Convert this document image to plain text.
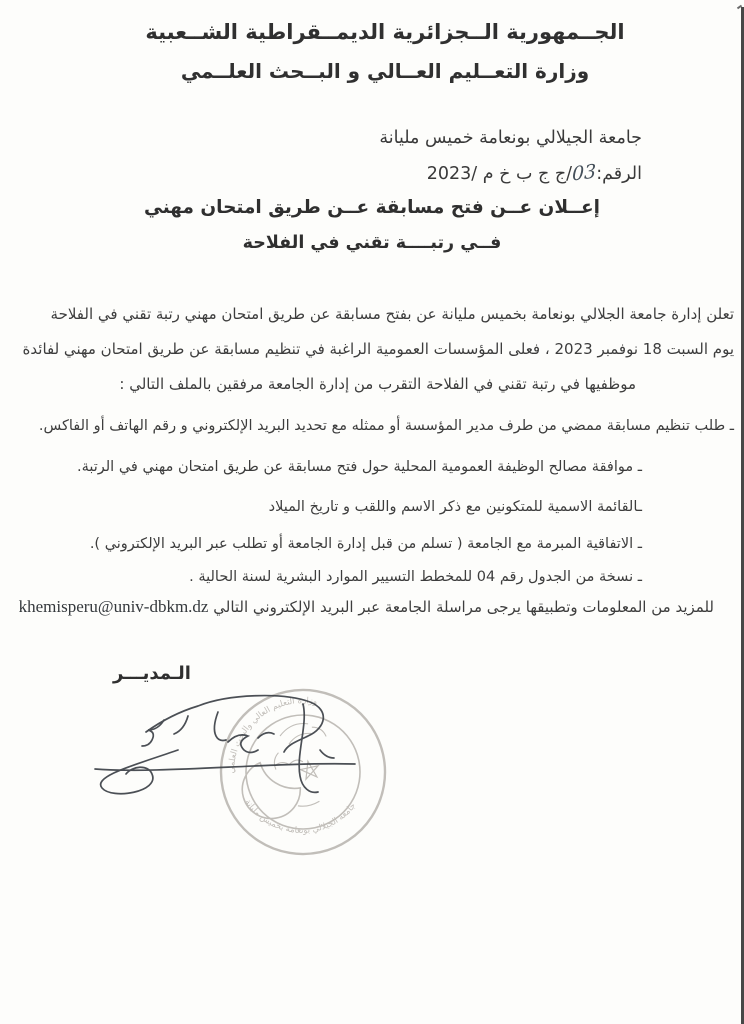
الجــمهورية الــجزائرية الديمــقراطية الشــعبية
وزارة التعــليم العــالي و البــحث العلــمي
جامعة الجيلالي بونعامة خميس مليانة
الرقم:03/ج ج ب خ م /2023
إعــلان عــن فتح مسابقة عــن طريق امتحان مهني
فــي رتبــــة تقني في الفلاحة
تعلن إدارة جامعة الجلالي بونعامة بخميس مليانة عن بفتح مسابقة عن طريق امتحان مهني رتبة تقني في الفلاحة
يوم السبت 18 نوفمبر 2023 ، فعلى المؤسسات العمومية الراغبة في تنظيم مسابقة عن طريق امتحان مهني لفائدة
موظفيها في رتبة تقني في الفلاحة التقرب من إدارة الجامعة مرفقين بالملف التالي :
ـ طلب تنظيم مسابقة ممضي من طرف مدير المؤسسة أو ممثله مع تحديد البريد الإلكتروني و رقم الهاتف أو الفاكس.
ـ موافقة مصالح الوظيفة العمومية المحلية حول فتح مسابقة عن طريق امتحان مهني في الرتبة.
ـالقائمة الاسمية للمتكونين مع ذكر الاسم واللقب و تاريخ الميلاد
ـ الاتفاقية المبرمة مع الجامعة ( تسلم من قبل إدارة الجامعة أو تطلب عبر البريد الإلكتروني ).
ـ نسخة من الجدول رقم 04 للمخطط التسيير الموارد البشرية لسنة الحالية .
للمزيد من المعلومات وتطبيقها يرجى مراسلة الجامعة عبر البريد الإلكتروني التالي khemisperu@univ-dbkm.dz
الـمديـــر
وزارة التعليم العالي والبحث العلمي
جامعة الجيلالي بونعامة بخميس مليانة
